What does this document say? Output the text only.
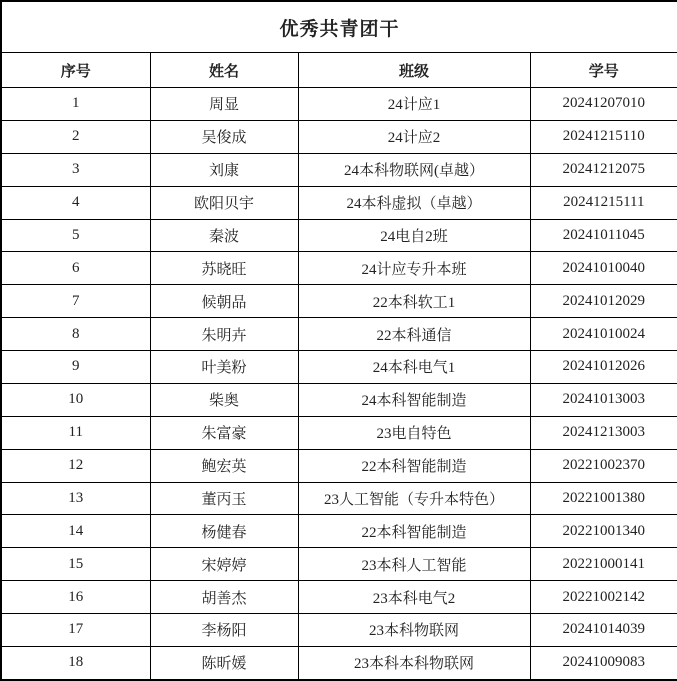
优秀共青团干			
序号	姓名	班级	学号
1	周显	24计应1	20241207010
2	吴俊成	24计应2	20241215110
3	刘康	24本科物联网(卓越）	20241212075
4	欧阳贝宇	24本科虚拟（卓越）	20241215111
5	秦波	24电自2班	20241011045
6	苏晓旺	24计应专升本班	20241010040
7	候朝品	22本科软工1	20241012029
8	朱明卉	22本科通信	20241010024
9	叶美粉	24本科电气1	20241012026
10	柴奥	24本科智能制造	20241013003
11	朱富豪	23电自特色	20241213003
12	鲍宏英	22本科智能制造	20221002370
13	董丙玉	23人工智能（专升本特色）	20221001380
14	杨健春	22本科智能制造	20221001340
15	宋婷婷	23本科人工智能	20221000141
16	胡善杰	23本科电气2	20221002142
17	李杨阳	23本科物联网	20241014039
18	陈昕媛	23本科本科物联网	20241009083
